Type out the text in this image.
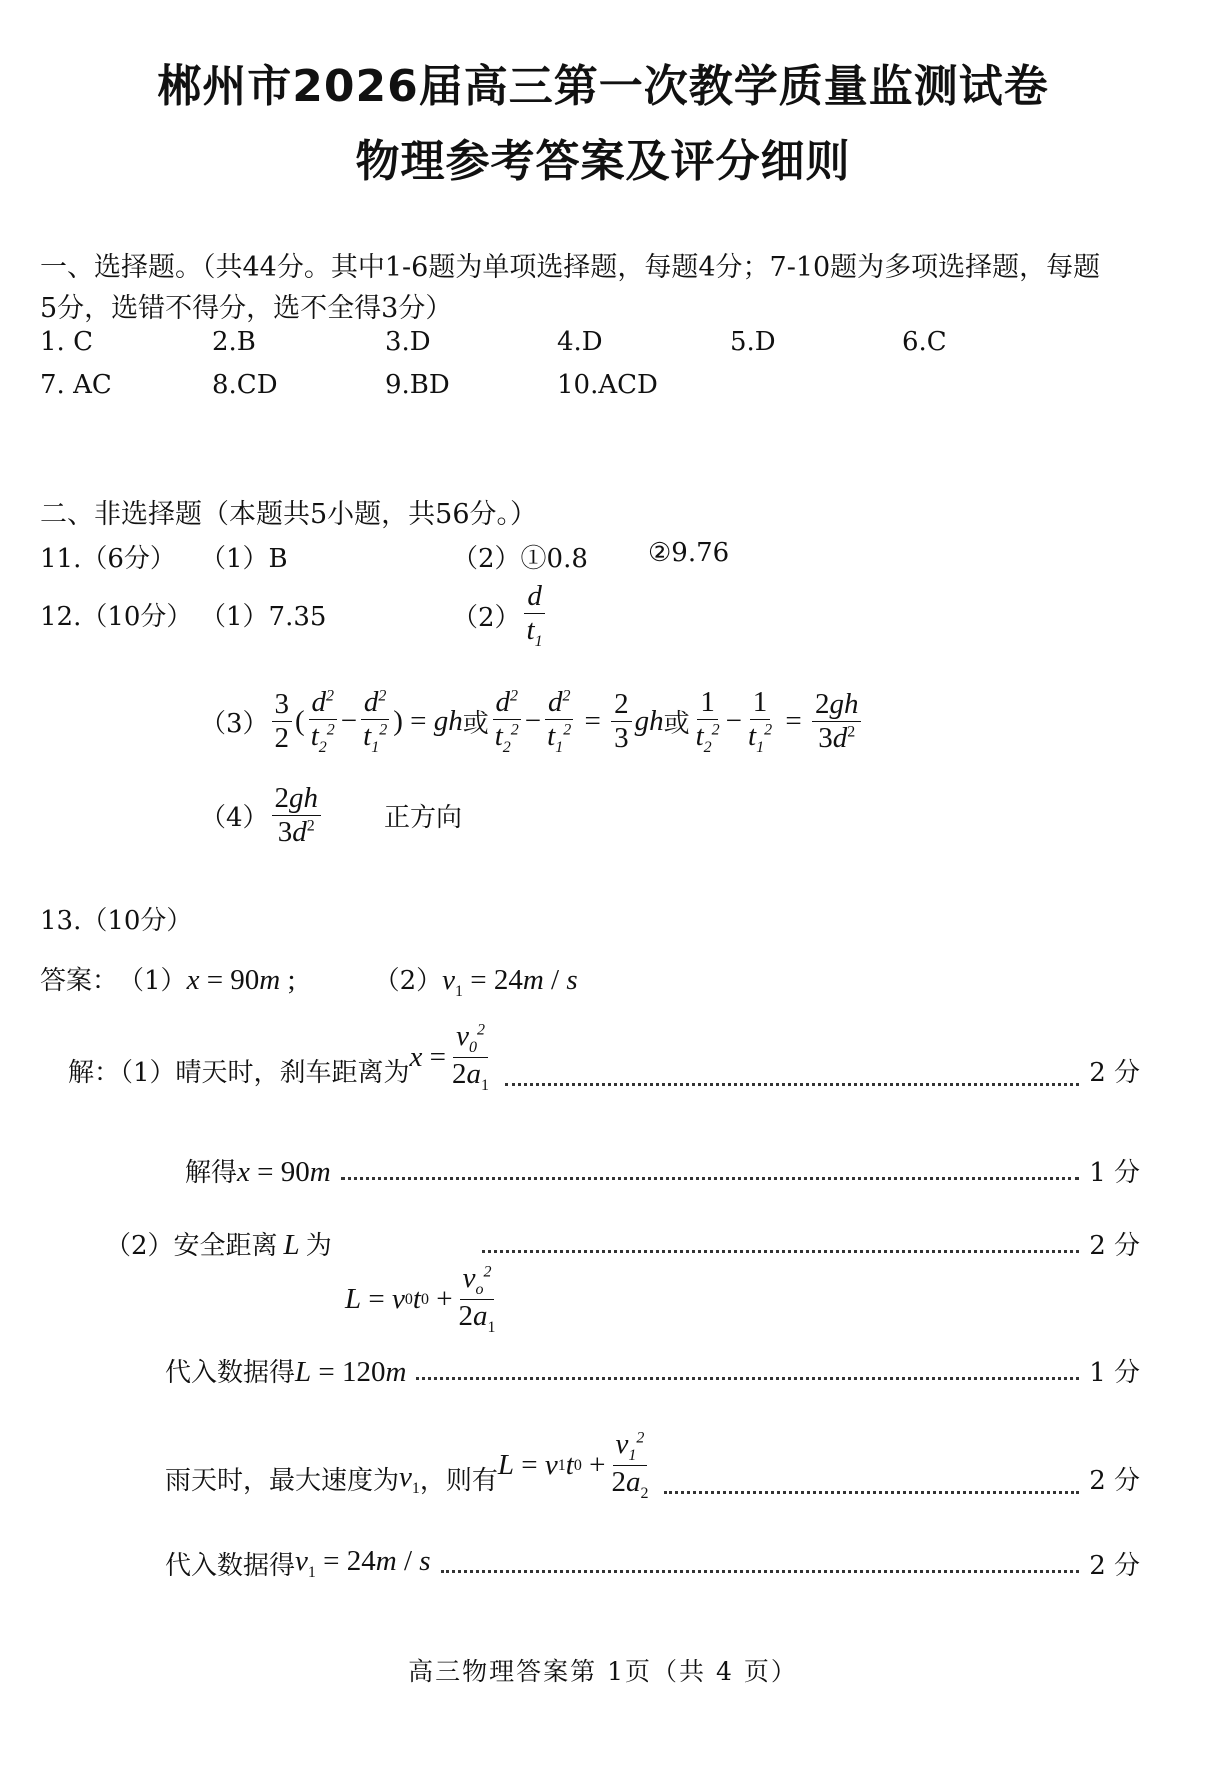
郴州市2026届高三第一次教学质量监测试卷
物理参考答案及评分细则
一、选择题。（共44分。其中1-6题为单项选择题，每题4分；7-10题为多项选择题，每题
5分，选错不得分，选不全得3分）
1. C	2.B	3.D	4.D	5.D	6.C
7. AC	8.CD	9.BD	10.ACD
二、非选择题（本题共5小题，共56分。）
11.（6分） （1）B	（2）①0.8 ②9.76
12.（10分） （1）7.35	（2）
d
$t_1$
（3）
3
2
(
$d^2$
$t_2^2$ −
$d^2$
$t_1^2$ ) = gh 或
$d^2$
$t_2^2$ −
$d^2$
$t_1^2$ =
2
3
gh 或
1
$t_2^2$ −
1
$t_1^2$ =
2gh
$3d^2$
（4）
2gh
$3d^2$	正方向
13.（10分）
答案： （1） x = 90m ;	（2） $v_1 = 24m / s$
解：（1）晴天时，刹车距离为
x =
$v_0^2$
$2a_1$	2 分
解得 x = 90m	1 分
（2）安全距离 L 为	2 分
L = v 0 t 0 +
$v_o^2$
$2a_1$
代入数据得 L = 120m	1 分
雨天时，最大速度为 $v_1$ ，则有
L = v 1 t 0 +
$v_1^2$
$2a_2$	2 分
代入数据得 $v_1 = 24m / s$	2 分
高三物理答案第 1页（共 4 页）
